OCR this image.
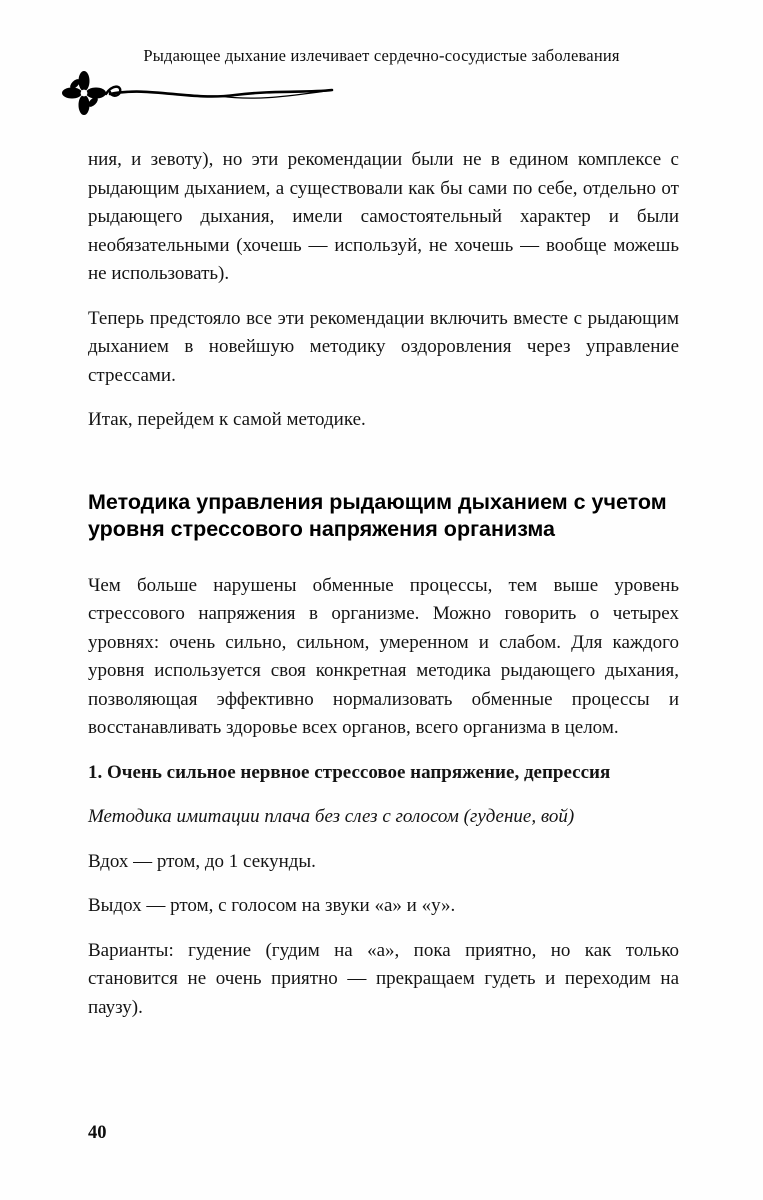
Рыдающее дыхание излечивает сердечно-сосудистые заболевания

ния, и зевоту), но эти рекомендации были не в едином комплексе с рыдающим дыханием, а существовали как бы сами по себе, отдельно от рыдающего дыхания, имели самостоятельный характер и были необязательными (хочешь — используй, не хочешь — вообще можешь не использовать).

Теперь предстояло все эти рекомендации включить вместе с рыдающим дыханием в новейшую методику оздоровления через управление стрессами.

Итак, перейдем к самой методике.

Методика управления рыдающим дыханием с учетом уровня стрессового напряжения организма

Чем больше нарушены обменные процессы, тем выше уровень стрессового напряжения в организме. Можно говорить о четырех уровнях: очень сильно, сильном, умеренном и слабом. Для каждого уровня используется своя конкретная методика рыдающего дыхания, позволяющая эффективно нормализовать обменные процессы и восстанавливать здоровье всех органов, всего организма в целом.

1. Очень сильное нервное стрессовое напряжение, депрессия

Методика имитации плача без слез с голосом (гудение, вой)

Вдох — ртом, до 1 секунды.

Выдох — ртом, с голосом на звуки «а» и «у».

Варианты: гудение (гудим на «а», пока приятно, но как только становится не очень приятно — прекращаем гудеть и переходим на паузу).

40
